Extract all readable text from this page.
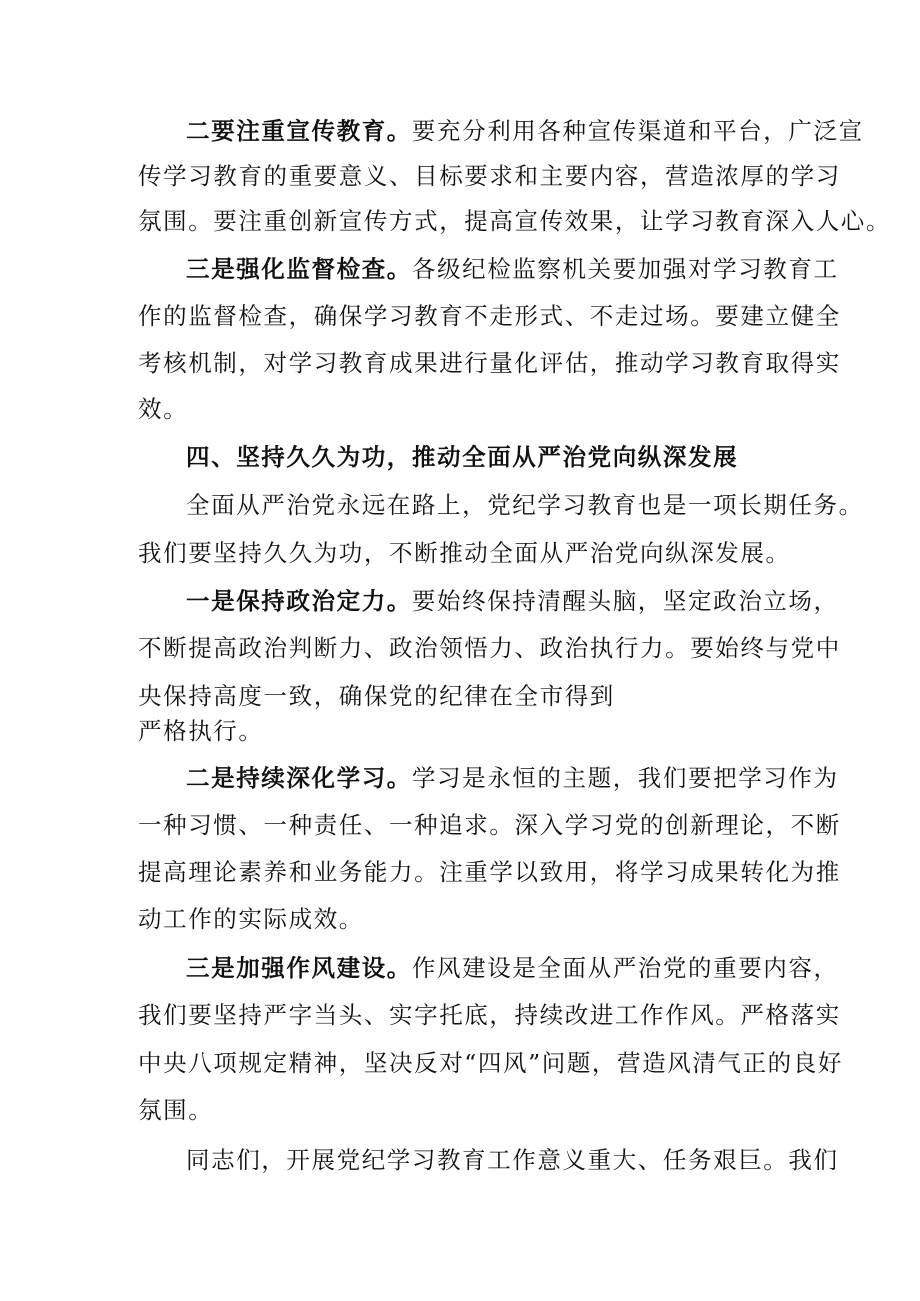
二要注重宣传教育。要充分利用各种宣传渠道和平台，广泛宣
传学习教育的重要意义、目标要求和主要内容，营造浓厚的学习
氛围。要注重创新宣传方式，提高宣传效果，让学习教育深入人心。
三是强化监督检查。各级纪检监察机关要加强对学习教育工
作的监督检查，确保学习教育不走形式、不走过场。要建立健全
考核机制，对学习教育成果进行量化评估，推动学习教育取得实
效。
四、坚持久久为功，推动全面从严治党向纵深发展
全面从严治党永远在路上，党纪学习教育也是一项长期任务。
我们要坚持久久为功，不断推动全面从严治党向纵深发展。
一是保持政治定力。要始终保持清醒头脑，坚定政治立场，
不断提高政治判断力、政治领悟力、政治执行力。要始终与党中
央保持高度一致，确保党的纪律在全市得到
严格执行。
二是持续深化学习。学习是永恒的主题，我们要把学习作为
一种习惯、一种责任、一种追求。深入学习党的创新理论，不断
提高理论素养和业务能力。注重学以致用，将学习成果转化为推
动工作的实际成效。
三是加强作风建设。作风建设是全面从严治党的重要内容，
我们要坚持严字当头、实字托底，持续改进工作作风。严格落实
中央八项规定精神，坚决反对“四风”问题，营造风清气正的良好
氛围。
同志们，开展党纪学习教育工作意义重大、任务艰巨。我们
